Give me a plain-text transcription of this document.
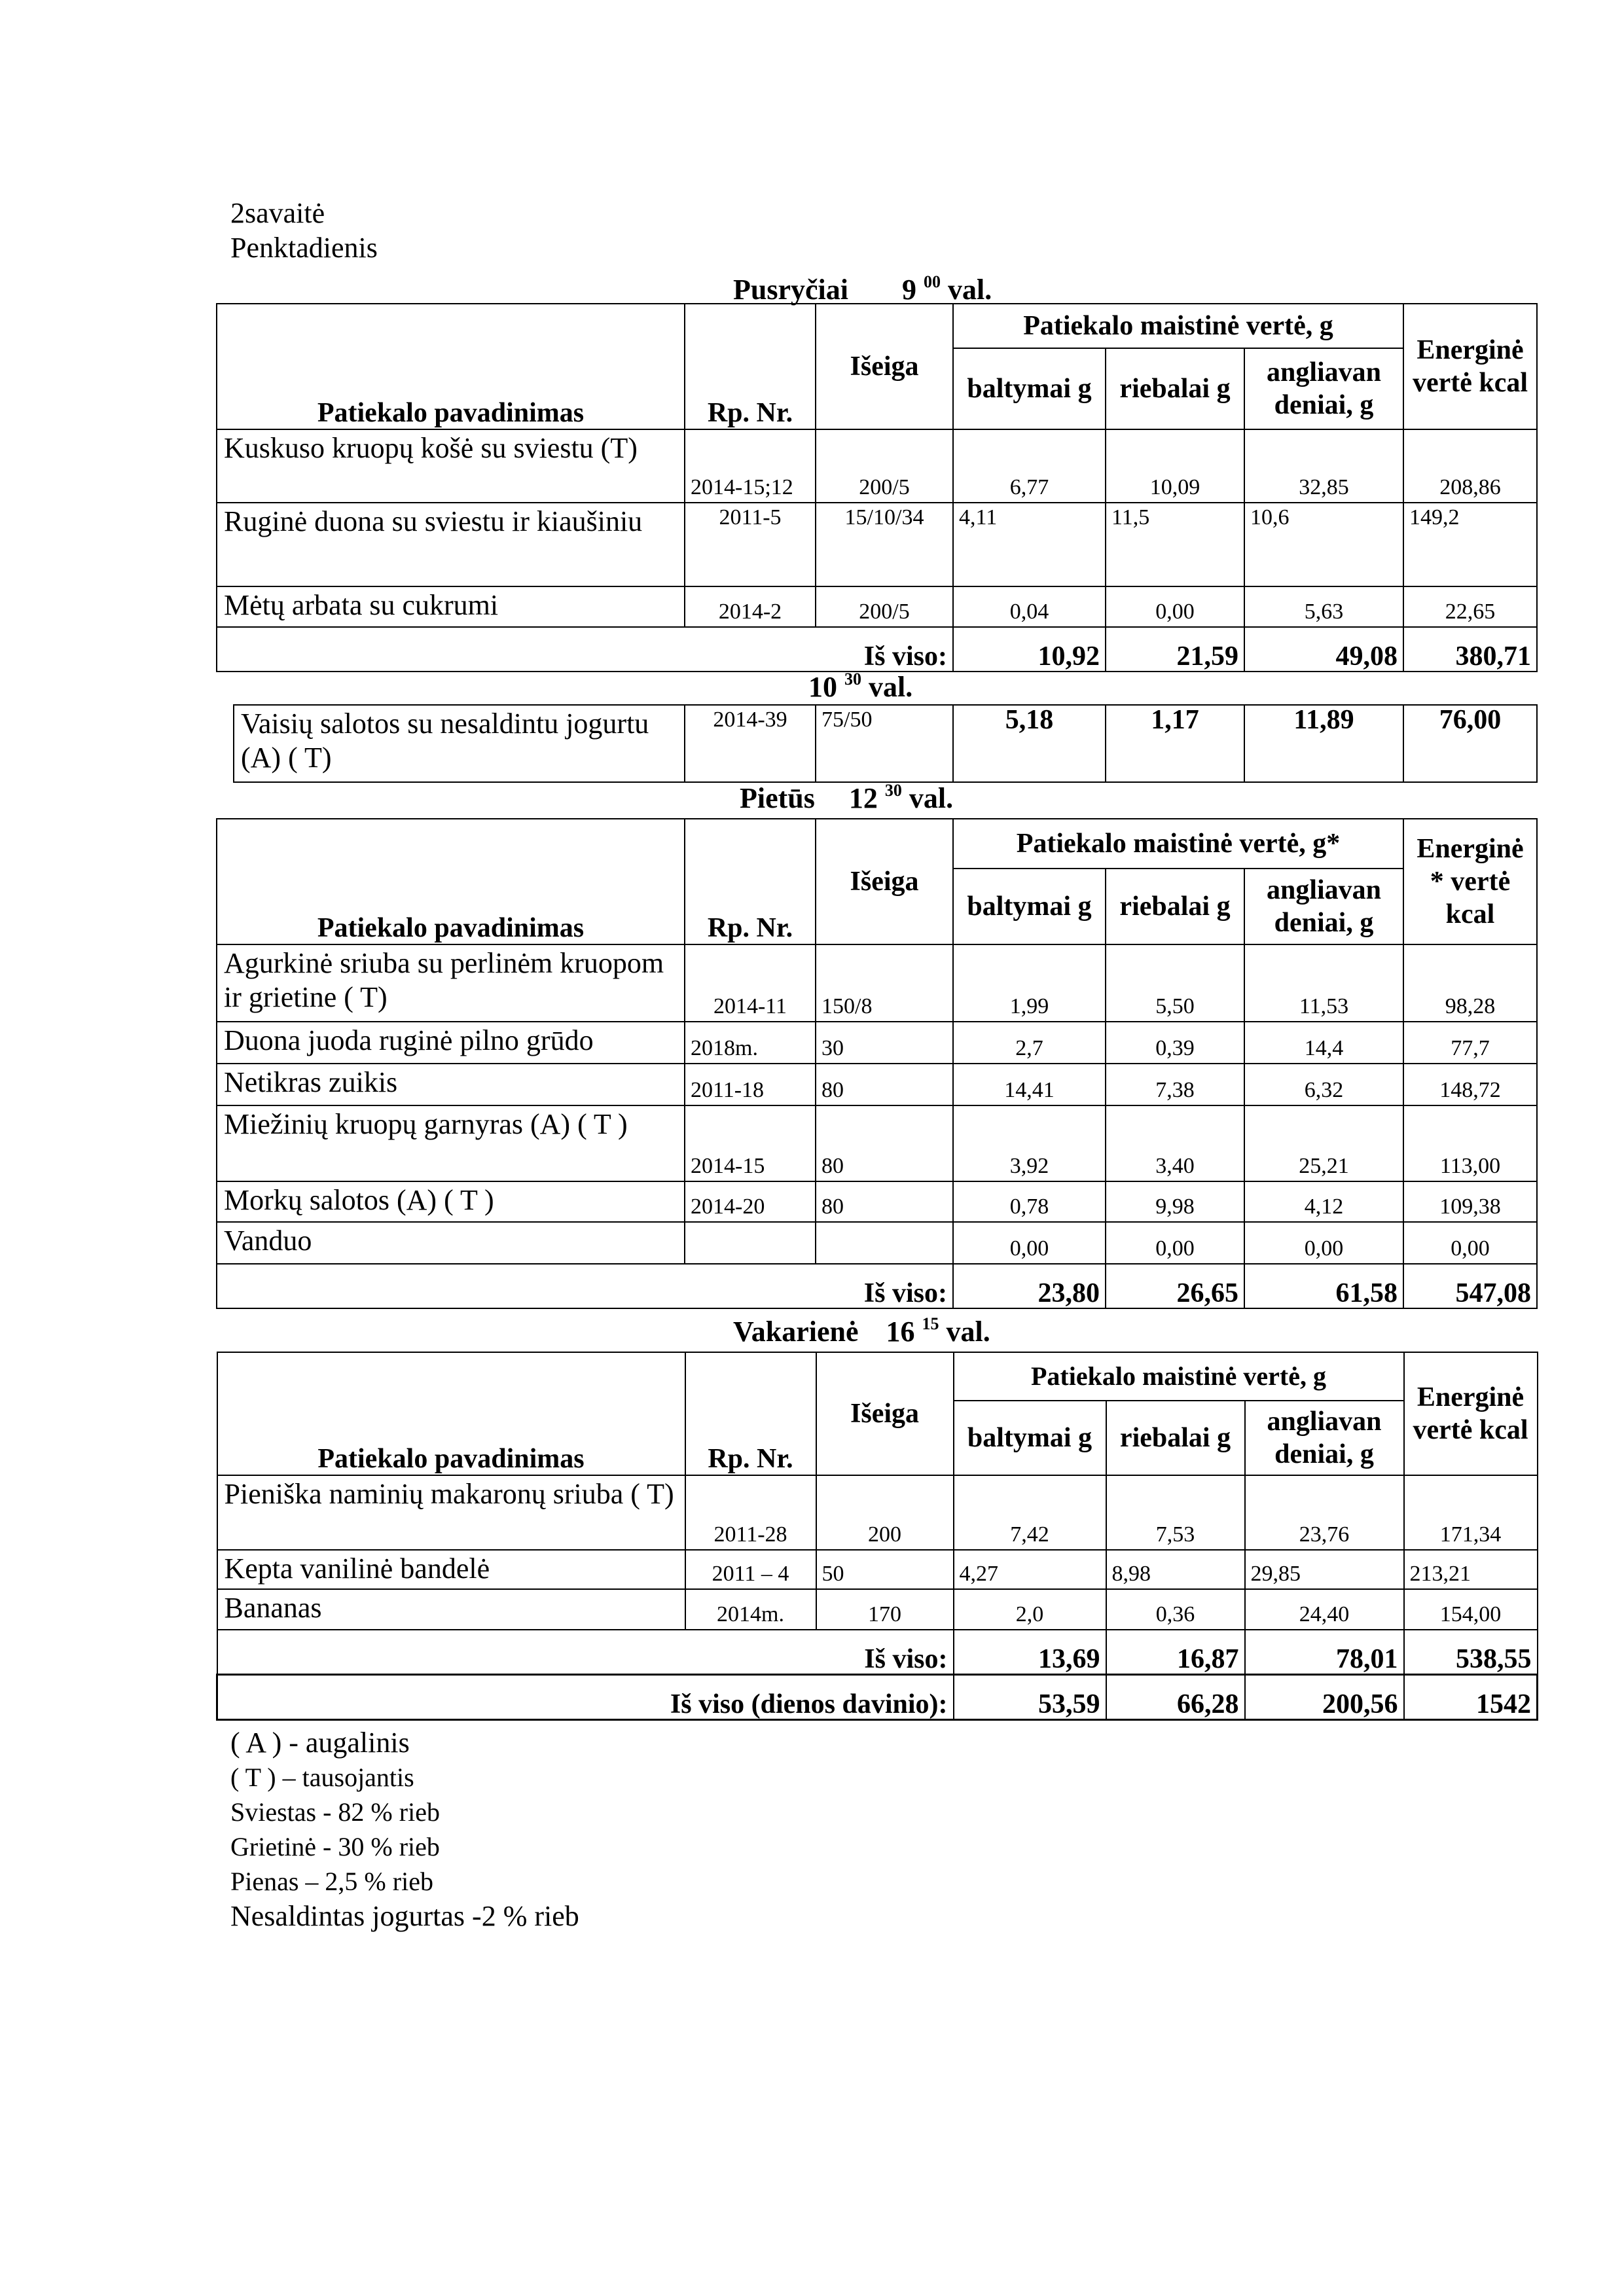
2savaitė
Penktadienis
Pusryčiai 9 $^{00}$ val.
Patiekalo pavadinimas	Rp. Nr.	Išeiga	Patiekalo maistinė vertė, g			Energinė vertė kcal
			baltymai g	riebalai g	angliavan deniai, g	
Kuskuso kruopų košė su sviestu (T)	2014-15;12	200/5	6,77	10,09	32,85	208,86
Ruginė duona su sviestu ir kiaušiniu	2011-5	15/10/34	4,11	11,5	10,6	149,2
Mėtų arbata su cukrumi	2014-2	200/5	0,04	0,00	5,63	22,65
		Iš viso:	10,92	21,59	49,08	380,71
10 $^{30}$ val.
Vaisių salotos su nesaldintu jogurtu (A) ( T)	2014-39	75/50	5,18	1,17	11,89	76,00
Pietūs 12 $^{30}$ val.
Patiekalo pavadinimas	Rp. Nr.	Išeiga	Patiekalo maistinė vertė, g*			Energinė * vertė kcal
			baltymai g	riebalai g	angliavan deniai, g	
Agurkinė sriuba su perlinėm kruopom ir grietine ( T)	2014-11	150/8	1,99	5,50	11,53	98,28
Duona juoda ruginė pilno grūdo	2018m.	30	2,7	0,39	14,4	77,7
Netikras zuikis	2011-18	80	14,41	7,38	6,32	148,72
Miežinių kruopų garnyras (A) ( T )	2014-15	80	3,92	3,40	25,21	113,00
Morkų salotos (A) ( T )	2014-20	80	0,78	9,98	4,12	109,38
Vanduo			0,00	0,00	0,00	0,00
		Iš viso:	23,80	26,65	61,58	547,08
Vakarienė 16 $^{15}$ val.
Patiekalo pavadinimas	Rp. Nr.	Išeiga	Patiekalo maistinė vertė, g			Energinė vertė kcal
			baltymai g	riebalai g	angliavan deniai, g	
Pieniška naminių makaronų sriuba ( T)	2011-28	200	7,42	7,53	23,76	171,34
Kepta vanilinė bandelė	2011 – 4	50	4,27	8,98	29,85	213,21
Bananas	2014m.	170	2,0	0,36	24,40	154,00
		Iš viso:	13,69	16,87	78,01	538,55
Iš viso (dienos davinio):			53,59	66,28	200,56	1542
( A ) - augalinis
( T ) – tausojantis
Sviestas - 82 % rieb
Grietinė - 30 % rieb
Pienas – 2,5 % rieb
Nesaldintas jogurtas -2 % rieb
